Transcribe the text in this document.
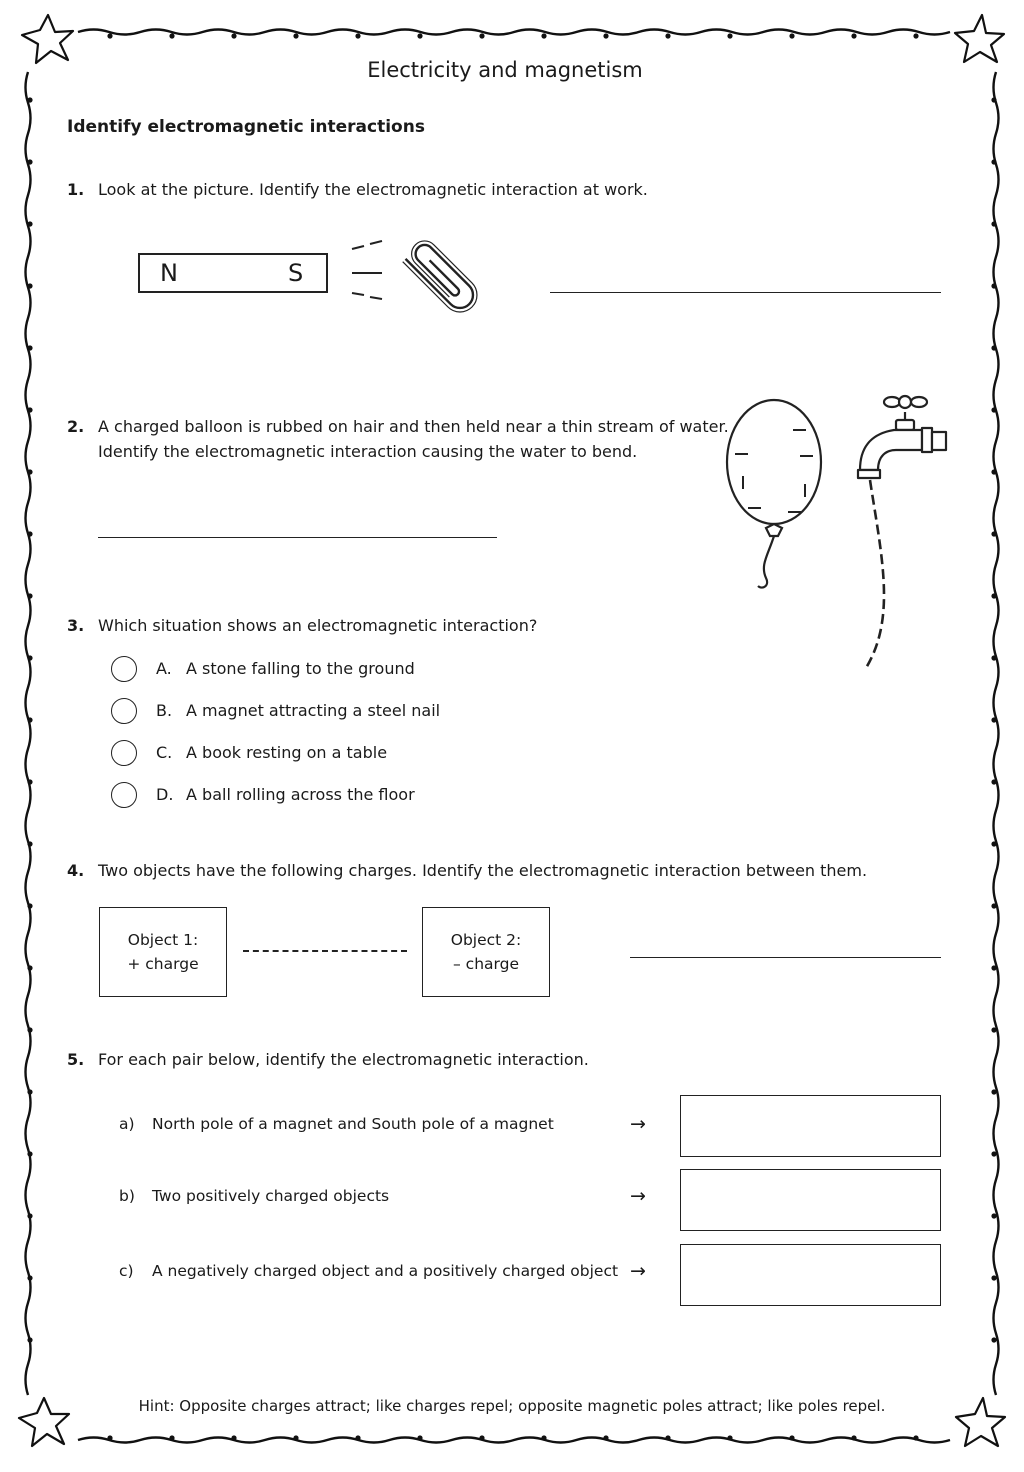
Electricity and magnetism
Identify electromagnetic interactions
1. Look at the picture. Identify the electromagnetic interaction at work.
N	S
2. A charged balloon is rubbed on hair and then held near a thin stream of water.
Identify the electromagnetic interaction causing the water to bend.
3. Which situation shows an electromagnetic interaction?
A. A stone falling to the ground
B. A magnet attracting a steel nail
C. A book resting on a table
D. A ball rolling across the floor
4. Two objects have the following charges. Identify the electromagnetic interaction between them.
Object 1:
+ charge
Object 2:
– charge
5. For each pair below, identify the electromagnetic interaction.
a) North pole of a magnet and South pole of a magnet	→
b) Two positively charged objects	→
c) A negatively charged object and a positively charged object →
Hint: Opposite charges attract; like charges repel; opposite magnetic poles attract; like poles repel.
